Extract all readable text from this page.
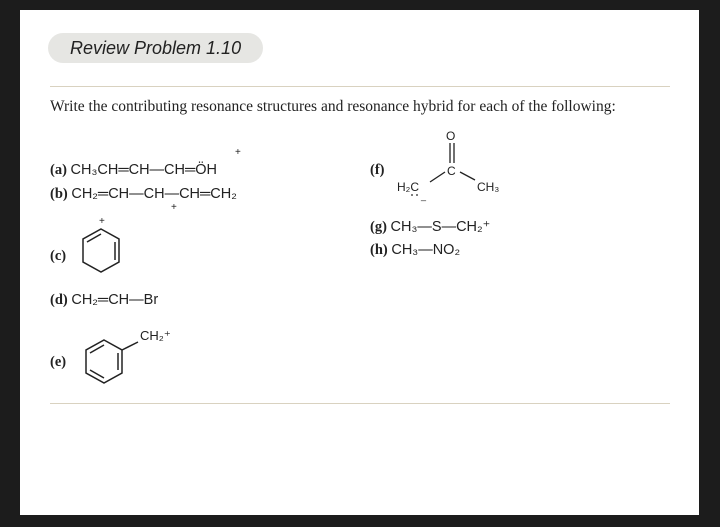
Review Problem 1.10
Write the contributing resonance structures and resonance hybrid for each of the following:
(a) CH₃CH═CH—CH═ÖH
+
(b) CH₂═CH—CH—CH═CH₂
+
(c)
+
(d) CH₂═CH—Br
(e)
CH₂⁺
(f)
(g) CH₃—S—CH₂⁺
(h) CH₃—NO₂
O
C
H₂C	CH₃
_
